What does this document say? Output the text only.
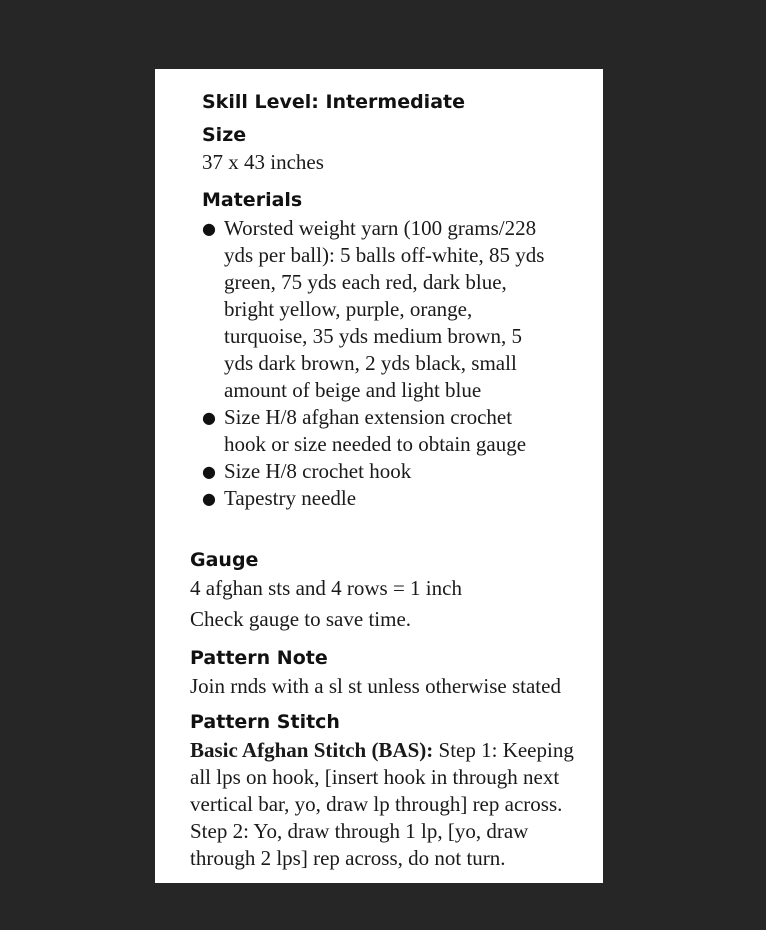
Skill Level: Intermediate

Size

37 x 43 inches

Materials

● Worsted weight yarn (100 grams/228
yds per ball): 5 balls off-white, 85 yds
green, 75 yds each red, dark blue,
bright yellow, purple, orange,
turquoise, 35 yds medium brown, 5
yds dark brown, 2 yds black, small
amount of beige and light blue
● Size H/8 afghan extension crochet
hook or size needed to obtain gauge
● Size H/8 crochet hook
● Tapestry needle

Gauge

4 afghan sts and 4 rows = 1 inch

Check gauge to save time.

Pattern Note

Join rnds with a sl st unless otherwise stated

Pattern Stitch

Basic Afghan Stitch (BAS): Step 1: Keeping
all lps on hook, [insert hook in through next
vertical bar, yo, draw lp through] rep across.
Step 2: Yo, draw through 1 lp, [yo, draw
through 2 lps] rep across, do not turn.
